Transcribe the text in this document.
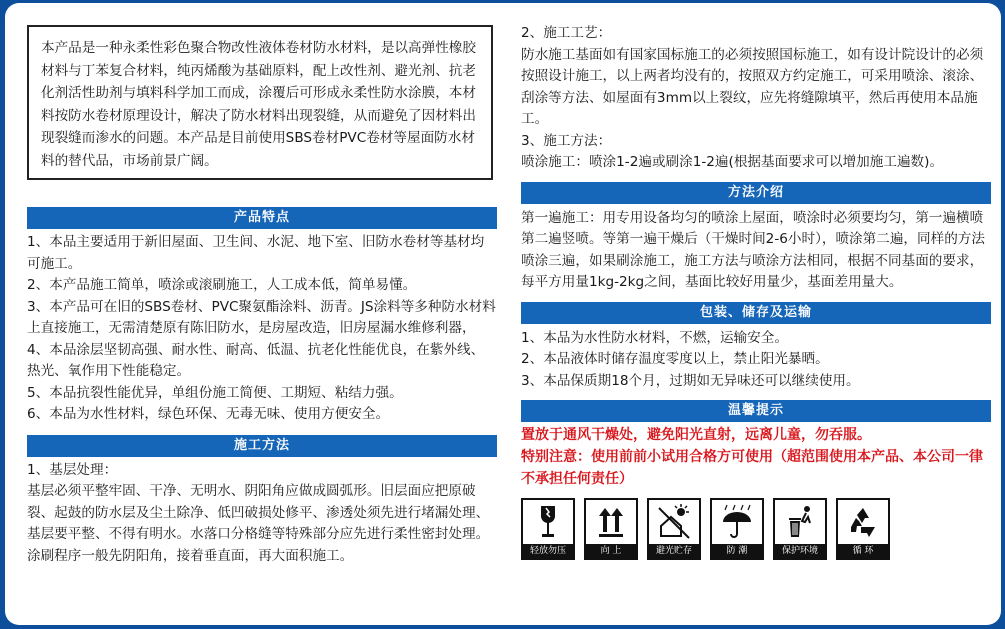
本产品是一种永柔性彩色聚合物改性液体卷材防水材料，是以高弹性橡胶材料与丁苯复合材料，纯丙烯酸为基础原料，配上改性剂、避光剂、抗老化剂活性助剂与填料科学加工而成，涂覆后可形成永柔性防水涂膜，本材料按防水卷材原理设计，解决了防水材料出现裂缝，从而避免了因材料出现裂缝而渗水的问题。本产品是目前使用SBS卷材PVC卷材等屋面防水材料的替代品，市场前景广阔。
产品特点
1、本品主要适用于新旧屋面、卫生间、水泥、地下室、旧防水卷材等基材均可施工。
2、本产品施工简单，喷涂或滚刷施工，人工成本低，简单易懂。
3、本产品可在旧的SBS卷材、PVC聚氨酯涂料、沥青。JS涂料等多种防水材料上直接施工，无需清楚原有陈旧防水，是房屋改造，旧房屋漏水维修利器，
4、本品涂层坚韧高强、耐水性、耐高、低温、抗老化性能优良，在紫外线、热光、氧作用下性能稳定。
5、本品抗裂性能优异，单组份施工简便、工期短、粘结力强。
6、本品为水性材料，绿色环保、无毒无味、使用方便安全。
施工方法
1、基层处理：
基层必须平整牢固、干净、无明水、阴阳角应做成圆弧形。旧层面应把原破裂、起鼓的防水层及尘土除净、低凹破损处修平、渗透处须先进行堵漏处理、基层要平整、不得有明水。水落口分格缝等特殊部分应先进行柔性密封处理。涂刷程序一般先阴阳角，接着垂直面，再大面积施工。
2、施工工艺：
防水施工基面如有国家国标施工的必须按照国标施工，如有设计院设计的必须按照设计施工，以上两者均没有的，按照双方约定施工，可采用喷涂、滚涂、刮涂等方法、如屋面有3mm以上裂纹，应先将缝隙填平，然后再使用本品施工。
3、施工方法：
喷涂施工：喷涂1-2遍或刷涂1-2遍(根据基面要求可以增加施工遍数)。
方法介绍
第一遍施工：用专用设备均匀的喷涂上屋面，喷涂时必须要均匀，第一遍横喷第二遍竖喷。等第一遍干燥后（干燥时间2-6小时），喷涂第二遍，同样的方法喷涂三遍，如果刷涂施工，施工方法与喷涂方法相同，根据不同基面的要求，每平方用量1kg-2kg之间，基面比较好用量少，基面差用量大。
包装、储存及运输
1、本品为水性防水材料，不燃，运输安全。
2、本品液体时储存温度零度以上，禁止阳光暴晒。
3、本品保质期18个月，过期如无异味还可以继续使用。
温馨提示
置放于通风干燥处，避免阳光直射，远离儿童，勿吞服。
特别注意：使用前前小试用合格方可使用（超范围使用本产品、本公司一律不承担任何责任）
轻放勿压	向 上	避光贮存	防 潮	保护环境	循 环
